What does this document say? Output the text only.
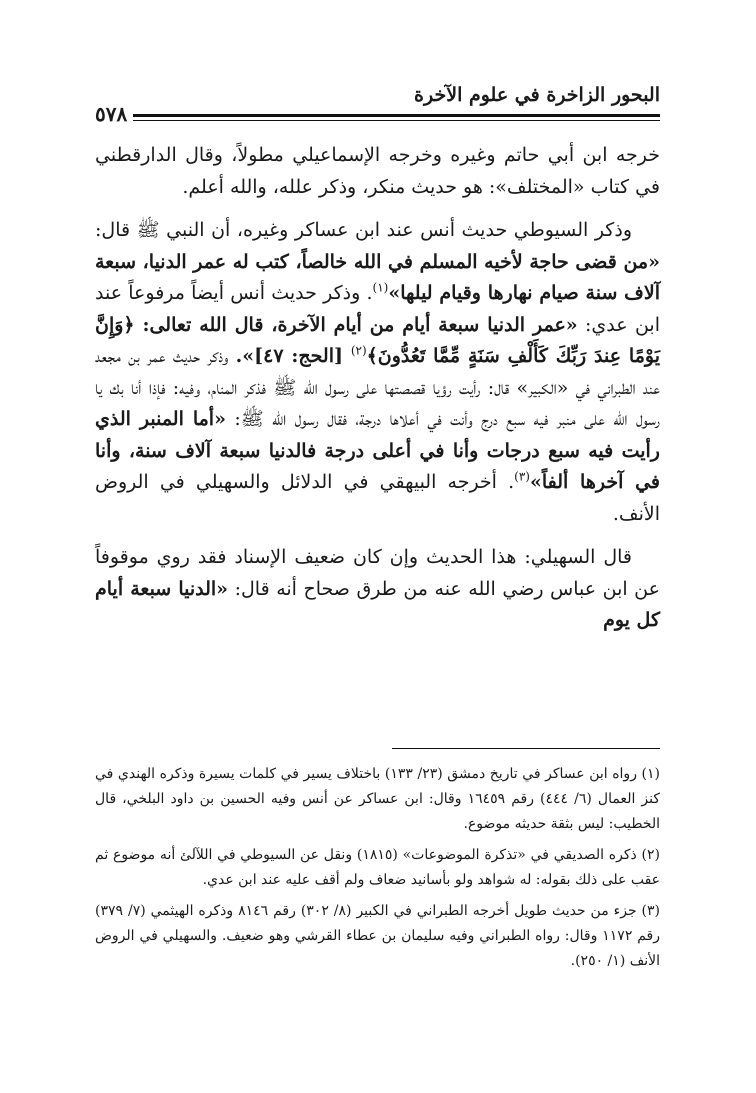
البحور الزاخرة في علوم الآخرة
٥٧٨

خرجه ابن أبي حاتم وغيره وخرجه الإسماعيلي مطولاً، وقال الدارقطني في كتاب «المختلف»: هو حديث منكر، وذكر علله، والله أعلم.

وذكر السيوطي حديث أنس عند ابن عساكر وغيره، أن النبي ﷺ قال: «من قضى حاجة لأخيه المسلم في الله خالصاً، كتب له عمر الدنيا، سبعة آلاف سنة صيام نهارها وقيام ليلها»$^{(١)}$. وذكر حديث أنس أيضاً مرفوعاً عند ابن عدي: «عمر الدنيا سبعة أيام من أيام الآخرة، قال الله تعالى: ﴿وَإِنَّ يَوْمًا عِندَ رَبِّكَ كَأَلْفِ سَنَةٍ مِّمَّا تَعُدُّونَ﴾$^{(٢)}$ [الحج: ٤٧]». وذكر حديث عمر بن مجعد عند الطبراني في «الكبير» قال: رأيت رؤيا قصصتها على رسول الله ﷺ فذكر المنام، وفيه: فإذا أنا بك يا رسول الله على منبر فيه سبع درج وأنت في أعلاها درجة، فقال رسول الله ﷺ: «أما المنبر الذي رأيت فيه سبع درجات وأنا في أعلى درجة فالدنيا سبعة آلاف سنة، وأنا في آخرها ألفاً»$^{(٣)}$. أخرجه البيهقي في الدلائل والسهيلي في الروض الأنف.

قال السهيلي: هذا الحديث وإن كان ضعيف الإسناد فقد روي موقوفاً عن ابن عباس رضي الله عنه من طرق صحاح أنه قال: «الدنيا سبعة أيام كل يوم

(١) رواه ابن عساكر في تاريخ دمشق (٢٣/ ١٣٣) باختلاف يسير في كلمات يسيرة وذكره الهندي في كنز العمال (٦/ ٤٤٤) رقم ١٦٤٥٩ وقال: ابن عساكر عن أنس وفيه الحسين بن داود البلخي، قال الخطيب: ليس بثقة حديثه موضوع.

(٢) ذكره الصديقي في «تذكرة الموضوعات» (١٨١٥) ونقل عن السيوطي في اللآلئ أنه موضوع ثم عقب على ذلك بقوله: له شواهد ولو بأسانيد ضعاف ولم أقف عليه عند ابن عدي.

(٣) جزء من حديث طويل أخرجه الطبراني في الكبير (٨/ ٣٠٢) رقم ٨١٤٦ وذكره الهيثمي (٧/ ٣٧٩) رقم ١١٧٢ وقال: رواه الطبراني وفيه سليمان بن عطاء القرشي وهو ضعيف. والسهيلي في الروض الأنف (١/ ٢٥٠).
